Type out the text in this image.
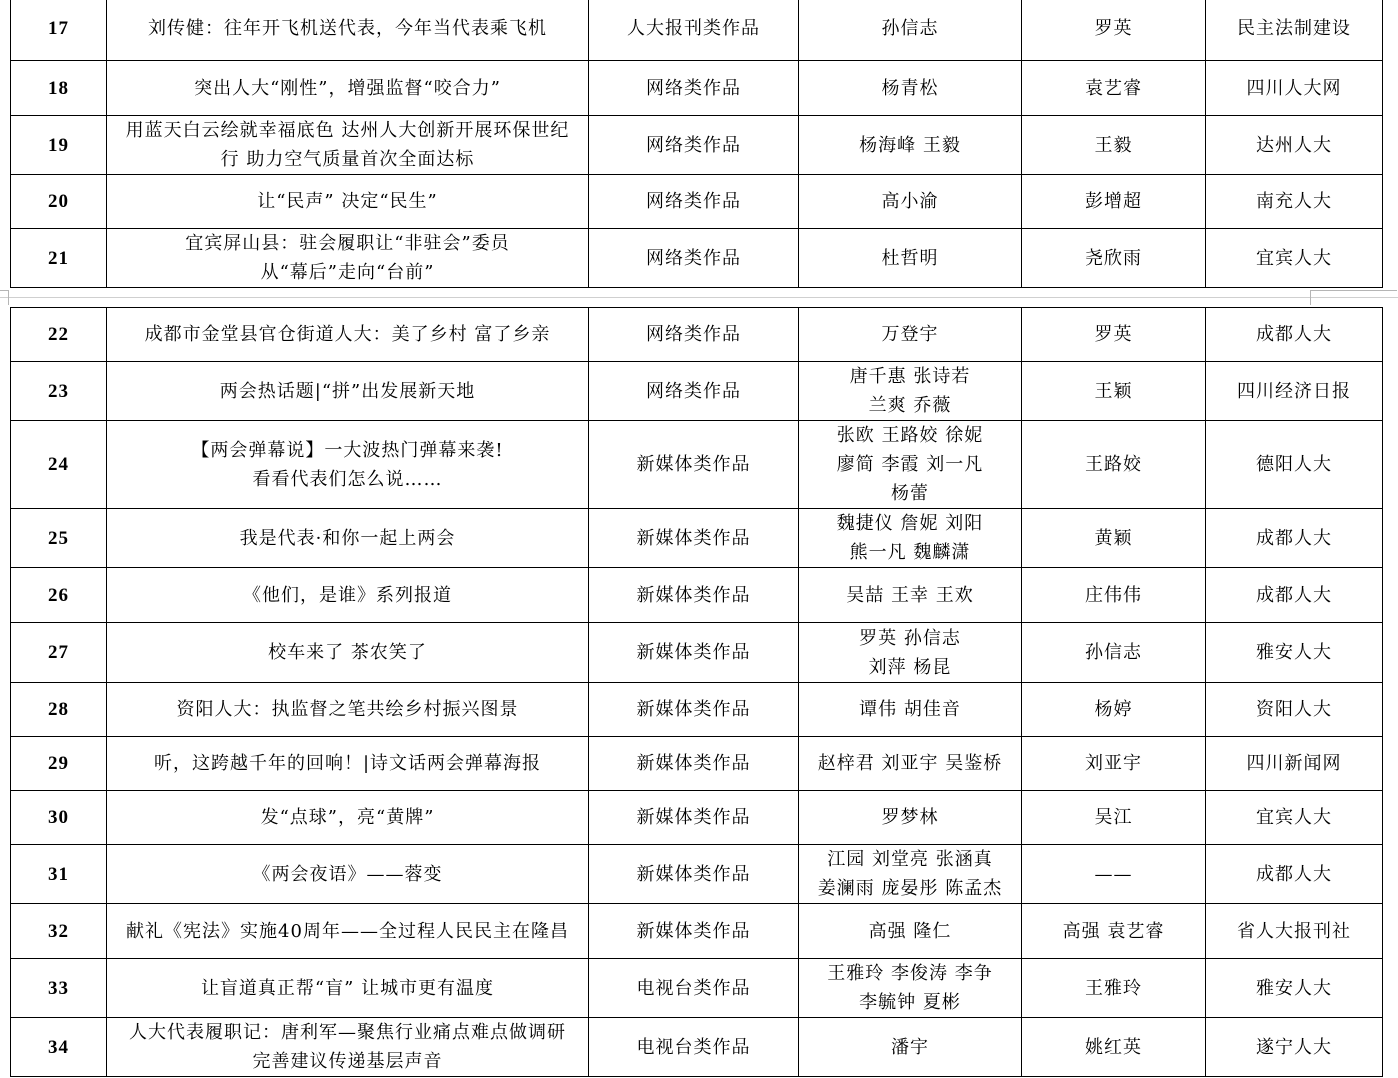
17	刘传健：往年开飞机送代表，今年当代表乘飞机	人大报刊类作品	孙信志	罗英	民主法制建设

18	突出人大“刚性”，增强监督“咬合力”	网络类作品	杨青松	袁艺睿	四川人大网

19	用蓝天白云绘就幸福底色 达州人大创新开展环保世纪
行 助力空气质量首次全面达标	网络类作品	杨海峰 王毅	王毅	达州人大

20	让“民声” 决定“民生”	网络类作品	高小渝	彭增超	南充人大

21	宜宾屏山县：驻会履职让“非驻会”委员
从“幕后”走向“台前”	网络类作品	杜哲明	尧欣雨	宜宾人大
22	成都市金堂县官仓街道人大：美了乡村 富了乡亲	网络类作品	万登宇	罗英	成都人大

23	两会热话题|“拼”出发展新天地	网络类作品	唐千惠 张诗若
兰爽 乔薇	王颖	四川经济日报

24	【两会弹幕说】一大波热门弹幕来袭!
看看代表们怎么说……	新媒体类作品	张欧 王路姣 徐妮
廖简 李霞 刘一凡
杨蕾	王路姣	德阳人大

25	我是代表·和你一起上两会	新媒体类作品	魏捷仪 詹妮 刘阳
熊一凡 魏麟潇	黄颖	成都人大

26	《他们，是谁》系列报道	新媒体类作品	吴喆 王幸 王欢	庄伟伟	成都人大

27	校车来了 茶农笑了	新媒体类作品	罗英 孙信志
刘萍 杨昆	孙信志	雅安人大

28	资阳人大：执监督之笔共绘乡村振兴图景	新媒体类作品	谭伟 胡佳音	杨婷	资阳人大

29	听，这跨越千年的回响！|诗文话两会弹幕海报	新媒体类作品	赵梓君 刘亚宇 吴鉴桥	刘亚宇	四川新闻网

30	发“点球”，亮“黄牌”	新媒体类作品	罗梦林	吴江	宜宾人大

31	《两会夜语》——蓉变	新媒体类作品	江园 刘堂亮 张涵真
姜澜雨 庞晏彤 陈孟杰	——	成都人大

32	献礼《宪法》实施40周年——全过程人民民主在隆昌	新媒体类作品	高强 隆仁	高强 袁艺睿	省人大报刊社

33	让盲道真正帮“盲” 让城市更有温度	电视台类作品	王雅玲 李俊涛 李争
李毓钟 夏彬	王雅玲	雅安人大

34	人大代表履职记：唐利军—聚焦行业痛点难点做调研
完善建议传递基层声音	电视台类作品	潘宇	姚红英	遂宁人大
